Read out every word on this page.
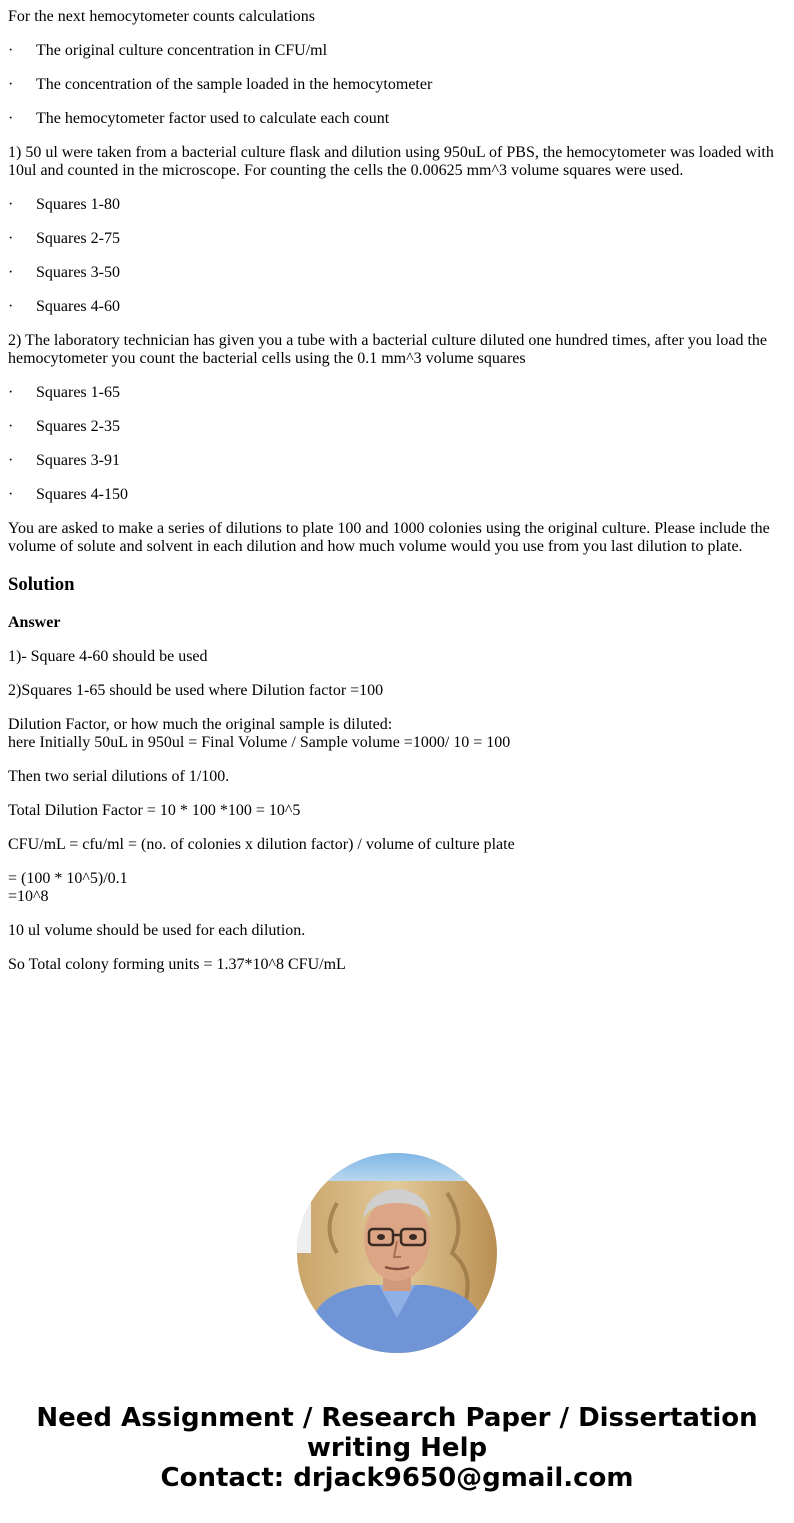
For the next hemocytometer counts calculations

·	The original culture concentration in CFU/ml
·	The concentration of the sample loaded in the hemocytometer
·	The hemocytometer factor used to calculate each count

1) 50 ul were taken from a bacterial culture flask and dilution using 950uL of PBS, the hemocytometer was loaded with 10ul and counted in the microscope. For counting the cells the 0.00625 mm^3 volume squares were used.

·	Squares 1-80
·	Squares 2-75
·	Squares 3-50
·	Squares 4-60

2) The laboratory technician has given you a tube with a bacterial culture diluted one hundred times, after you load the hemocytometer you count the bacterial cells using the 0.1 mm^3 volume squares

·	Squares 1-65
·	Squares 2-35
·	Squares 3-91
·	Squares 4-150

You are asked to make a series of dilutions to plate 100 and 1000 colonies using the original culture. Please include the volume of solute and solvent in each dilution and how much volume would you use from you last dilution to plate.

Solution

Answer

1)- Square 4-60 should be used

2)Squares 1-65 should be used where Dilution factor =100

Dilution Factor, or how much the original sample is diluted:
here Initially 50uL in 950ul = Final Volume / Sample volume =1000/ 10 = 100

Then two serial dilutions of 1/100.

Total Dilution Factor = 10 * 100 *100 = 10^5

CFU/mL = cfu/ml = (no. of colonies x dilution factor) / volume of culture plate

= (100 * 10^5)/0.1
=10^8

10 ul volume should be used for each dilution.

So Total colony forming units = 1.37*10^8 CFU/mL

Need Assignment / Research Paper / Dissertation
writing Help
Contact: drjack9650@gmail.com
